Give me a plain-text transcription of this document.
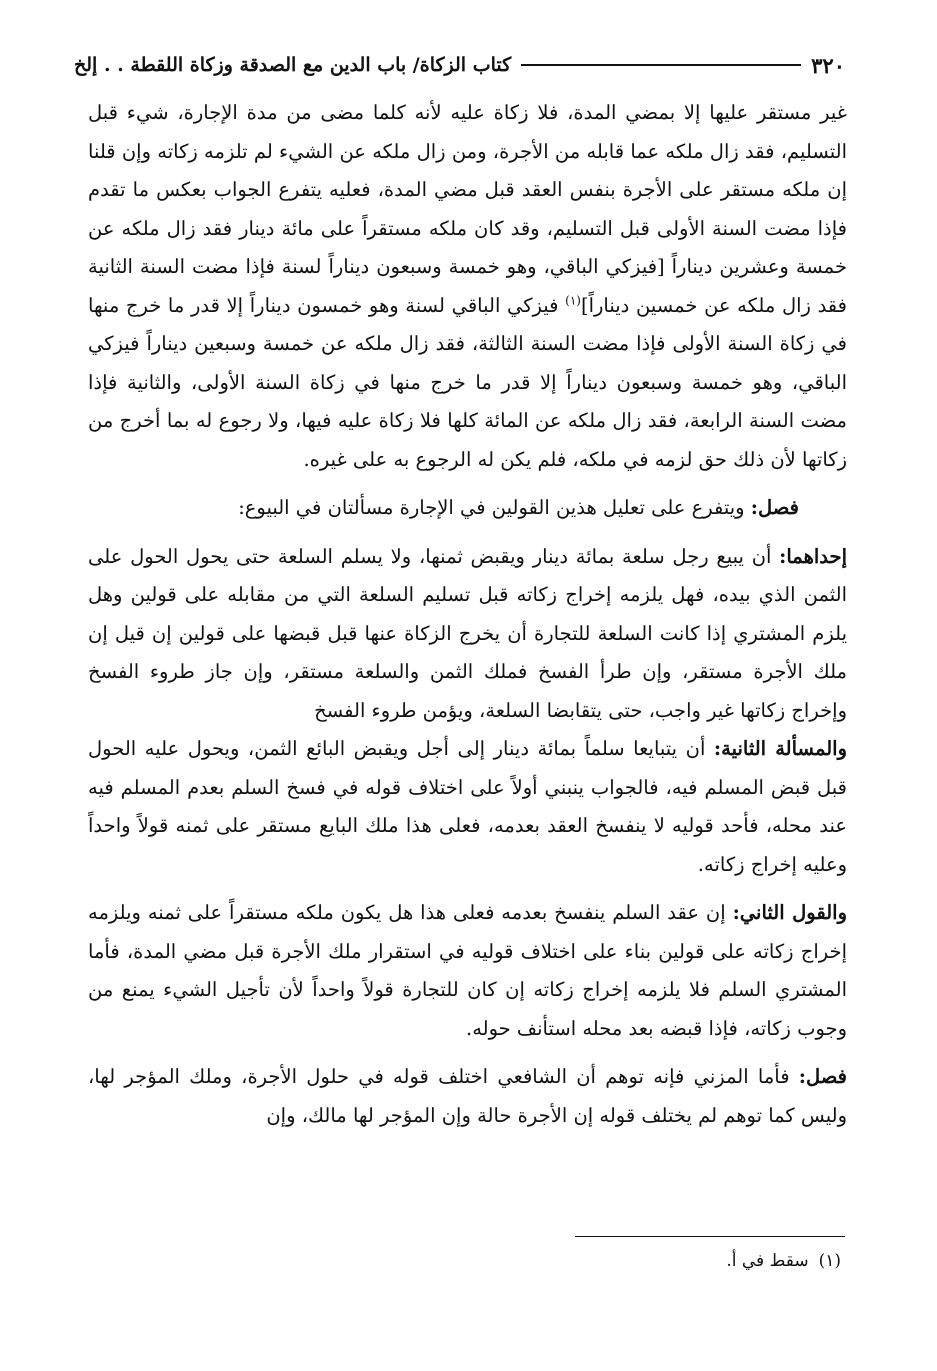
٣٢٠
كتاب الزكاة/ باب الدين مع الصدقة وزكاة اللقطة . . إلخ

غير مستقر عليها إلا بمضي المدة، فلا زكاة عليه لأنه كلما مضى من مدة الإجارة، شيء قبل التسليم، فقد زال ملكه عما قابله من الأجرة، ومن زال ملكه عن الشيء لم تلزمه زكاته وإن قلنا إن ملكه مستقر على الأجرة بنفس العقد قبل مضي المدة، فعليه يتفرع الجواب بعكس ما تقدم فإذا مضت السنة الأولى قبل التسليم، وقد كان ملكه مستقراً على مائة دينار فقد زال ملكه عن خمسة وعشرين ديناراً [فيزكي الباقي، وهو خمسة وسبعون ديناراً لسنة فإذا مضت السنة الثانية فقد زال ملكه عن خمسين ديناراً]$^{(١)}$ فيزكي الباقي لسنة وهو خمسون ديناراً إلا قدر ما خرج منها في زكاة السنة الأولى فإذا مضت السنة الثالثة، فقد زال ملكه عن خمسة وسبعين ديناراً فيزكي الباقي، وهو خمسة وسبعون ديناراً إلا قدر ما خرج منها في زكاة السنة الأولى، والثانية فإذا مضت السنة الرابعة، فقد زال ملكه عن المائة كلها فلا زكاة عليه فيها، ولا رجوع له بما أخرج من زكاتها لأن ذلك حق لزمه في ملكه، فلم يكن له الرجوع به على غيره.

فصل: ويتفرع على تعليل هذين القولين في الإجارة مسألتان في البيوع:

إحداهما: أن يبيع رجل سلعة بمائة دينار ويقبض ثمنها، ولا يسلم السلعة حتى يحول الحول على الثمن الذي بيده، فهل يلزمه إخراج زكاته قبل تسليم السلعة التي من مقابله على قولين وهل يلزم المشتري إذا كانت السلعة للتجارة أن يخرج الزكاة عنها قبل قبضها على قولين إن قيل إن ملك الأجرة مستقر، وإن طرأ الفسخ فملك الثمن والسلعة مستقر، وإن جاز طروء الفسخ وإخراج زكاتها غير واجب، حتى يتقابضا السلعة، ويؤمن طروء الفسخ

والمسألة الثانية: أن يتبايعا سلماً بمائة دينار إلى أجل ويقبض البائع الثمن، ويحول عليه الحول قبل قبض المسلم فيه، فالجواب ينبني أولاً على اختلاف قوله في فسخ السلم بعدم المسلم فيه عند محله، فأحد قوليه لا ينفسخ العقد بعدمه، فعلى هذا ملك البايع مستقر على ثمنه قولاً واحداً وعليه إخراج زكاته.

والقول الثاني: إن عقد السلم ينفسخ بعدمه فعلى هذا هل يكون ملكه مستقراً على ثمنه ويلزمه إخراج زكاته على قولين بناء على اختلاف قوليه في استقرار ملك الأجرة قبل مضي المدة، فأما المشتري السلم فلا يلزمه إخراج زكاته إن كان للتجارة قولاً واحداً لأن تأجيل الشيء يمنع من وجوب زكاته، فإذا قبضه بعد محله استأنف حوله.

فصل: فأما المزني فإنه توهم أن الشافعي اختلف قوله في حلول الأجرة، وملك المؤجر لها، وليس كما توهم لم يختلف قوله إن الأجرة حالة وإن المؤجر لها مالك، وإن

(١)سقط في أ.
